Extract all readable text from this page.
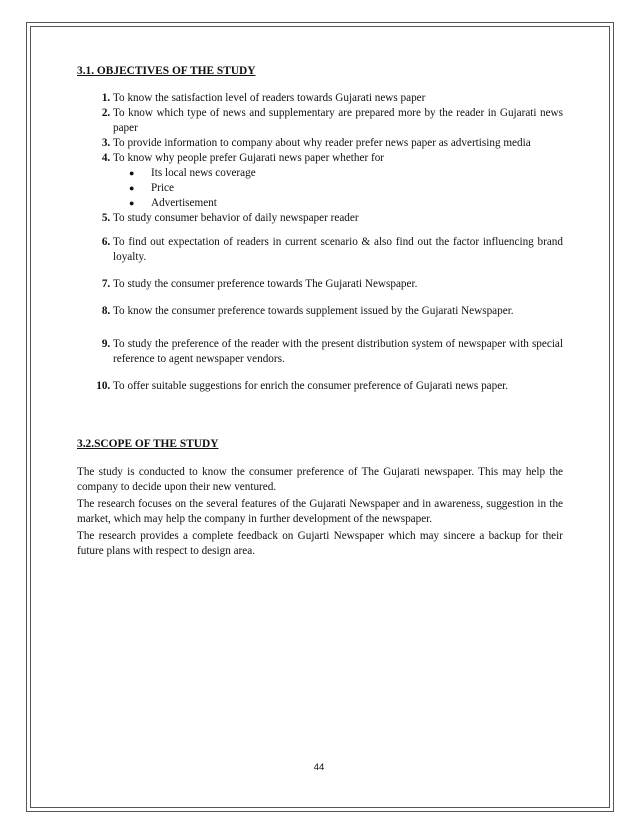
3.1. OBJECTIVES OF THE STUDY

1. To know the satisfaction level of readers towards Gujarati news paper
2. To know which type of news and supplementary are prepared more by the reader in Gujarati news paper
3. To provide information to company about why reader prefer news paper as advertising media
4. To know why people prefer Gujarati news paper whether for
● Its local news coverage
● Price
● Advertisement
5. To study consumer behavior of daily newspaper reader
6. To find out expectation of readers in current scenario & also find out the factor influencing brand loyalty.
7. To study the consumer preference towards The Gujarati Newspaper.
8. To know the consumer preference towards supplement issued by the Gujarati Newspaper.
9. To study the preference of the reader with the present distribution system of newspaper with special reference to agent newspaper vendors.
10. To offer suitable suggestions for enrich the consumer preference of Gujarati news paper.

3.2.SCOPE OF THE STUDY

The study is conducted to know the consumer preference of The Gujarati newspaper. This may help the company to decide upon their new ventured.

The research focuses on the several features of the Gujarati Newspaper and in awareness, suggestion in the market, which may help the company in further development of the newspaper.

The research provides a complete feedback on Gujarti Newspaper which may sincere a backup for their future plans with respect to design area.

44
